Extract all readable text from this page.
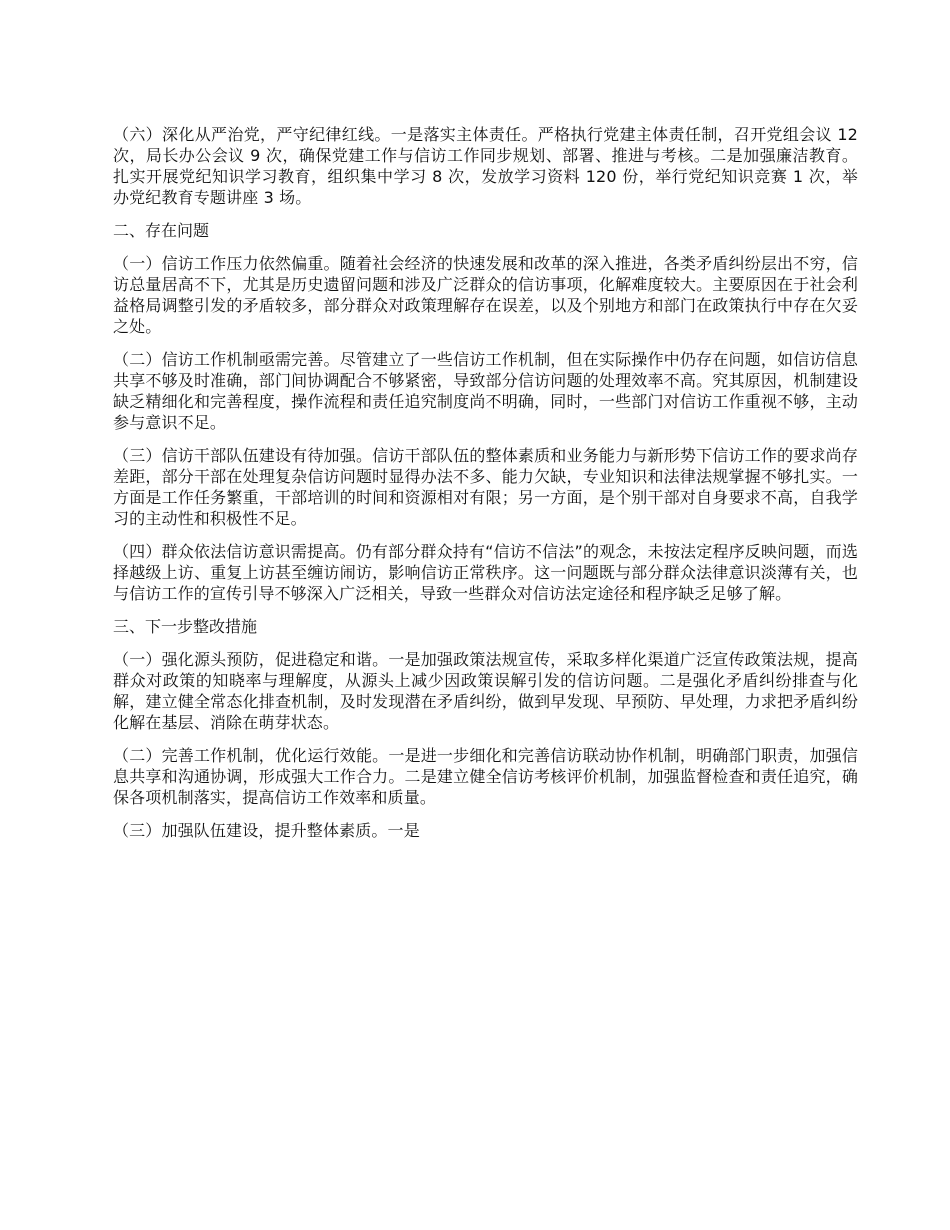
（六）深化从严治党，严守纪律红线。一是落实主体责任。严格执行党建主体责任制，召开党组会议 12 次，局长办公会议 9 次，确保党建工作与信访工作同步规划、部署、推进与考核。二是加强廉洁教育。扎实开展党纪知识学习教育，组织集中学习 8 次，发放学习资料 120 份，举行党纪知识竞赛 1 次，举办党纪教育专题讲座 3 场。

二、存在问题

（一）信访工作压力依然偏重。随着社会经济的快速发展和改革的深入推进，各类矛盾纠纷层出不穷，信访总量居高不下，尤其是历史遗留问题和涉及广泛群众的信访事项，化解难度较大。主要原因在于社会利益格局调整引发的矛盾较多，部分群众对政策理解存在误差，以及个别地方和部门在政策执行中存在欠妥之处。

（二）信访工作机制亟需完善。尽管建立了一些信访工作机制，但在实际操作中仍存在问题，如信访信息共享不够及时准确，部门间协调配合不够紧密，导致部分信访问题的处理效率不高。究其原因，机制建设缺乏精细化和完善程度，操作流程和责任追究制度尚不明确，同时，一些部门对信访工作重视不够，主动参与意识不足。

（三）信访干部队伍建设有待加强。信访干部队伍的整体素质和业务能力与新形势下信访工作的要求尚存差距，部分干部在处理复杂信访问题时显得办法不多、能力欠缺，专业知识和法律法规掌握不够扎实。一方面是工作任务繁重，干部培训的时间和资源相对有限；另一方面，是个别干部对自身要求不高，自我学习的主动性和积极性不足。

（四）群众依法信访意识需提高。仍有部分群众持有“信访不信法”的观念，未按法定程序反映问题，而选择越级上访、重复上访甚至缠访闹访，影响信访正常秩序。这一问题既与部分群众法律意识淡薄有关，也与信访工作的宣传引导不够深入广泛相关，导致一些群众对信访法定途径和程序缺乏足够了解。

三、下一步整改措施

（一）强化源头预防，促进稳定和谐。一是加强政策法规宣传，采取多样化渠道广泛宣传政策法规，提高群众对政策的知晓率与理解度，从源头上减少因政策误解引发的信访问题。二是强化矛盾纠纷排查与化解，建立健全常态化排查机制，及时发现潜在矛盾纠纷，做到早发现、早预防、早处理，力求把矛盾纠纷化解在基层、消除在萌芽状态。

（二）完善工作机制，优化运行效能。一是进一步细化和完善信访联动协作机制，明确部门职责，加强信息共享和沟通协调，形成强大工作合力。二是建立健全信访考核评价机制，加强监督检查和责任追究，确保各项机制落实，提高信访工作效率和质量。

（三）加强队伍建设，提升整体素质。一是
